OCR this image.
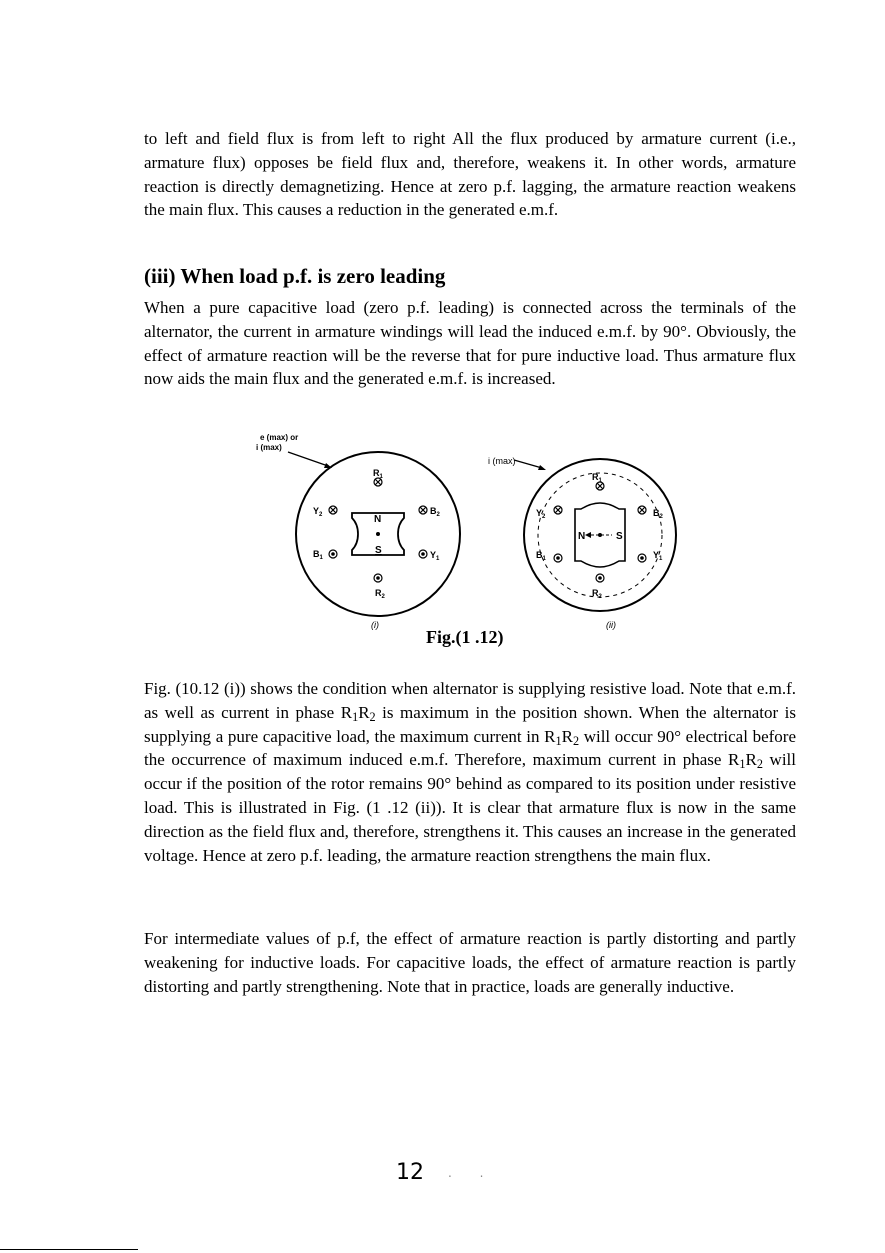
to left and field flux is from left to right All the flux produced by armature current (i.e., armature flux) opposes be field flux and, therefore, weakens it. In other words, armature reaction is directly demagnetizing. Hence at zero p.f. lagging, the armature reaction weakens the main flux. This causes a reduction in the generated e.m.f.

(iii) When load p.f. is zero leading

When a pure capacitive load (zero p.f. leading) is connected across the terminals of the alternator, the current in armature windings will lead the induced e.m.f. by 90°. Obviously, the effect of armature reaction will be the reverse that for pure inductive load. Thus armature flux now aids the main flux and the generated e.m.f. is increased.

e (max) or
i (max)
N
S
$R_1$
$B_2$
$Y_1$
$R_2$
$Y_2$
$B_1$
(i)
i (max)
N	S
$R_1$
$B_2$
$Y_1$
$R_2$
$Y_2$
$B_1$
(ii)
Fig.(1 .12)

Fig. (10.12 (i)) shows the condition when alternator is supplying resistive load. Note that e.m.f. as well as current in phase $R_1R_2$ is maximum in the position shown. When the alternator is supplying a pure capacitive load, the maximum current in $R_1R_2$ will occur 90° electrical before the occurrence of maximum induced e.m.f. Therefore, maximum current in phase $R_1R_2$ will occur if the position of the rotor remains 90° behind as compared to its position under resistive load. This is illustrated in Fig. (1 .12 (ii)). It is clear that armature flux is now in the same direction as the field flux and, therefore, strengthens it. This causes an increase in the generated voltage. Hence at zero p.f. leading, the armature reaction strengthens the main flux.

For intermediate values of p.f, the effect of armature reaction is partly distorting and partly weakening for inductive loads. For capacitive loads, the effect of armature reaction is partly distorting and partly strengthening. Note that in practice, loads are generally inductive.

12 . .
